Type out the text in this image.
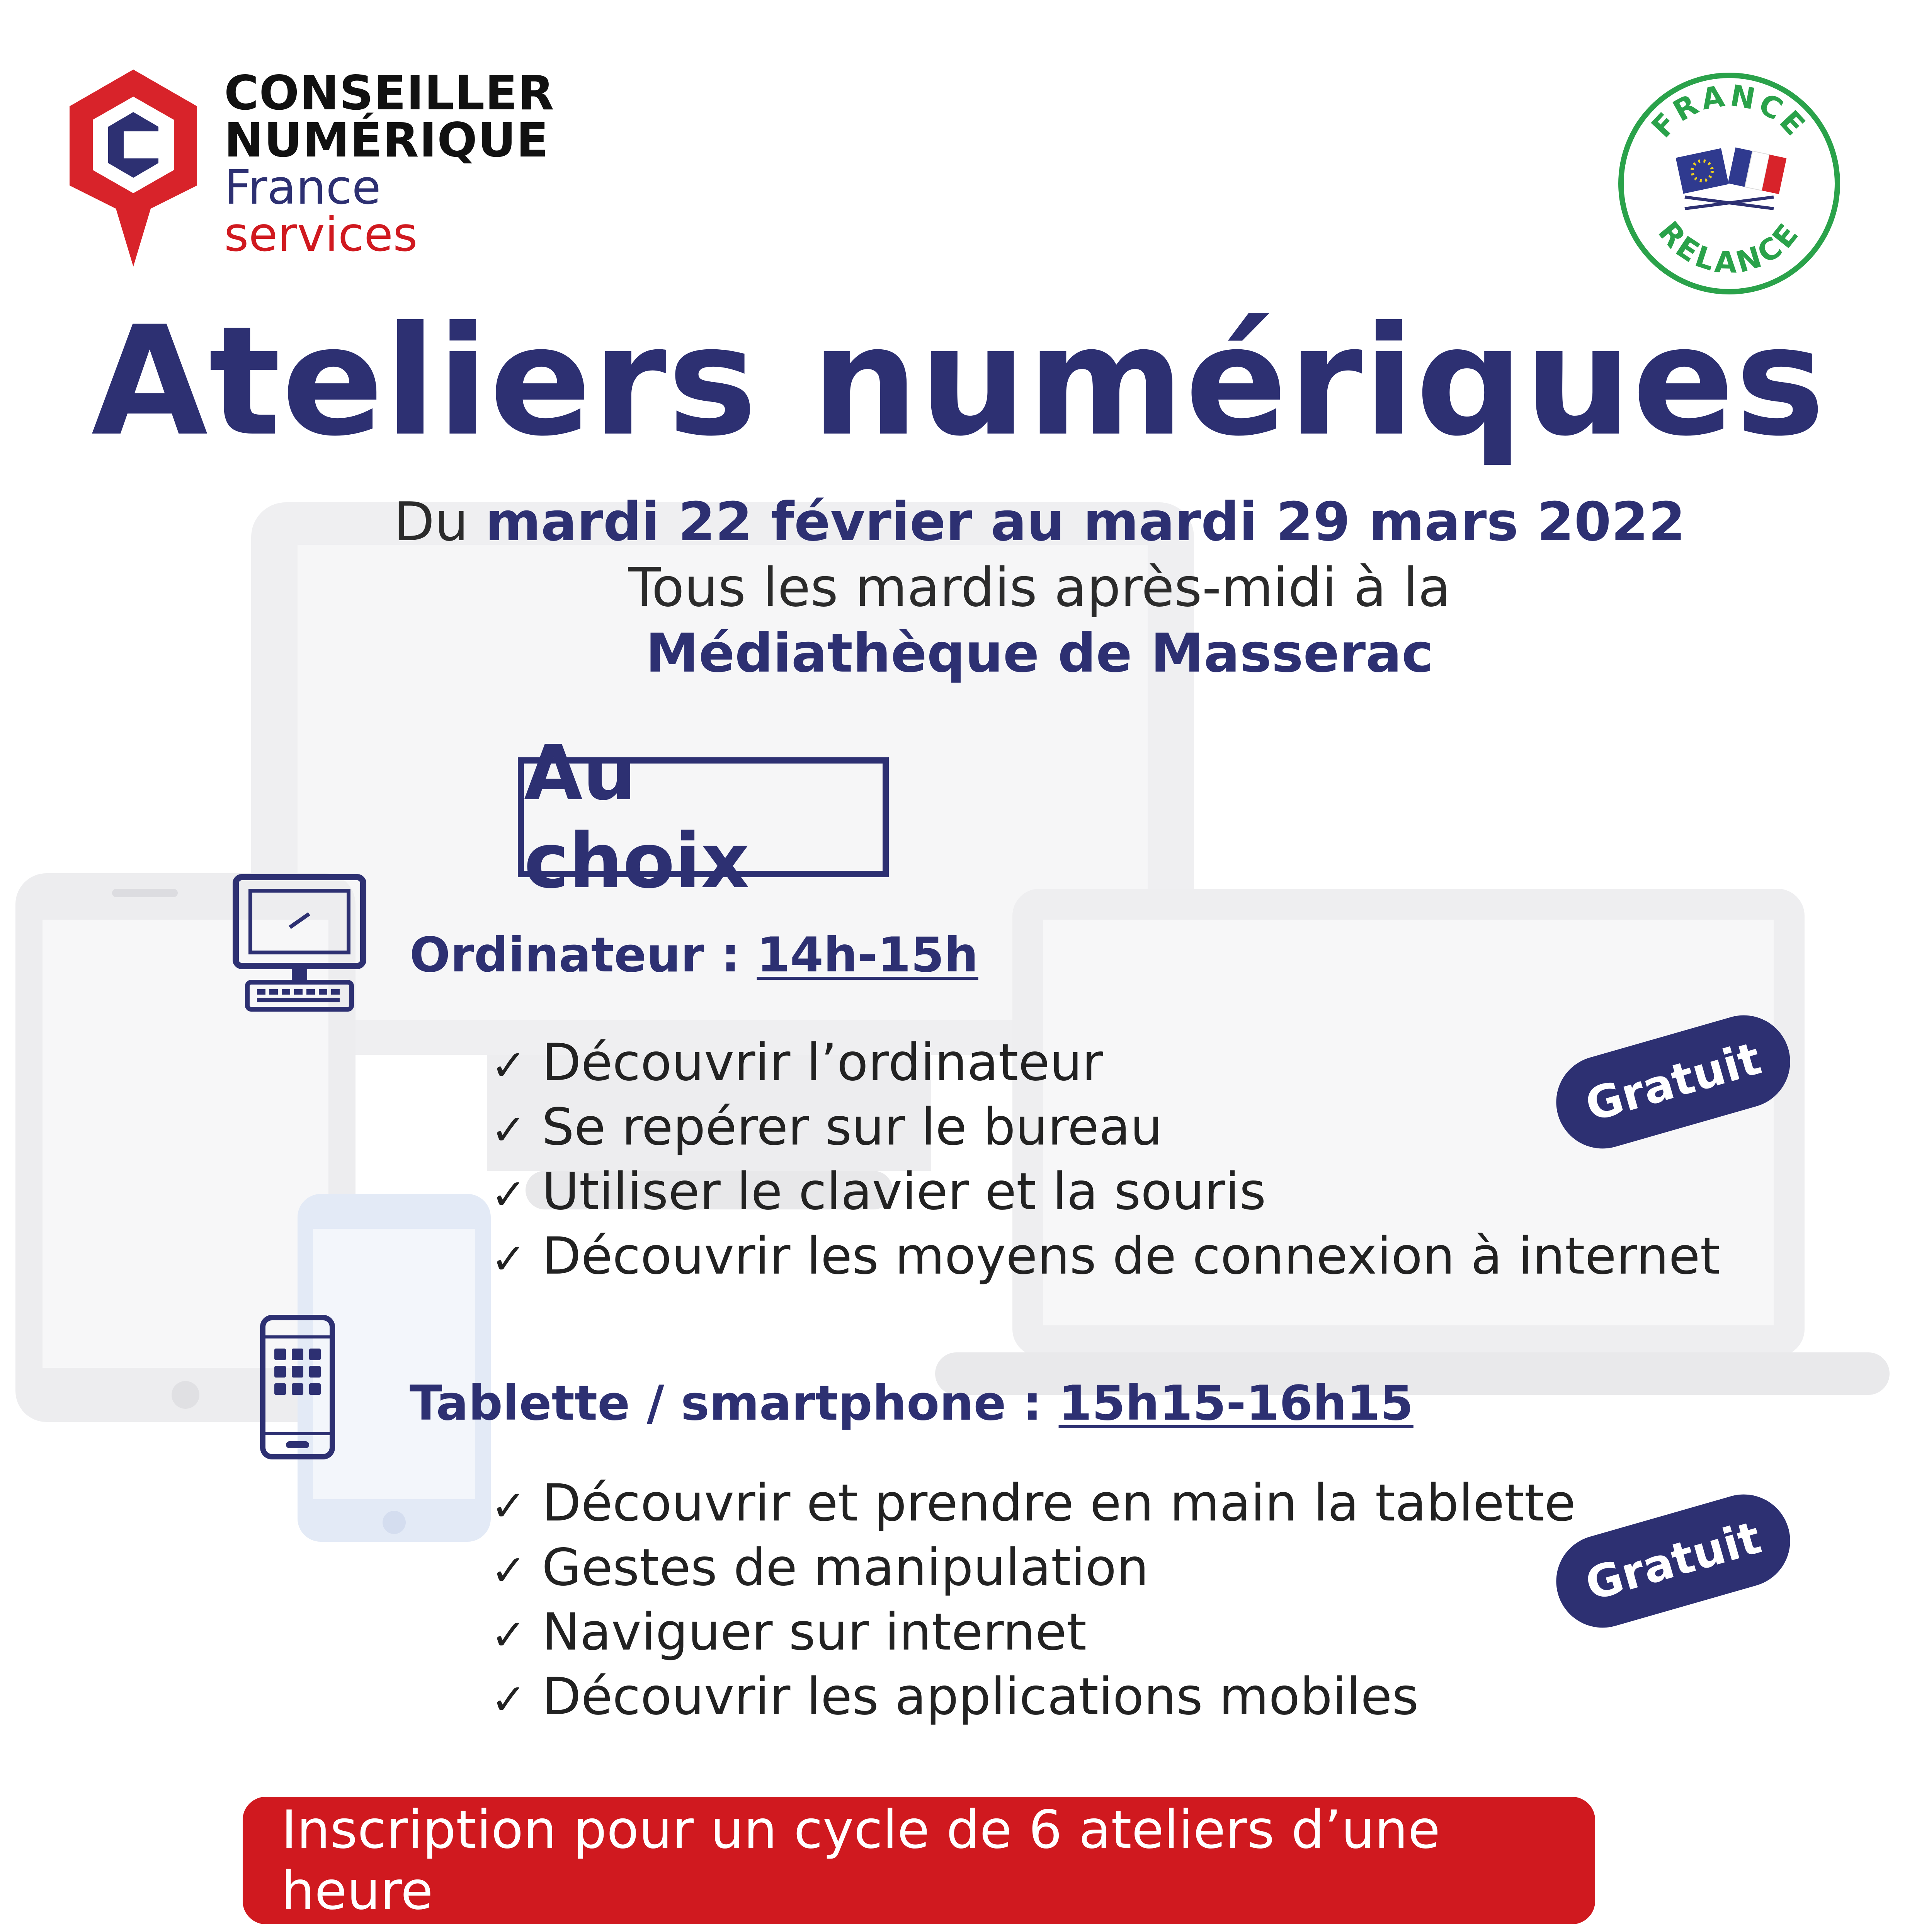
CONSEILLER
NUMÉRIQUE
France
services
FRANCE
RELANCE
Ateliers numériques
Du mardi 22 février au mardi 29 mars 2022
Tous les mardis après-midi à la
Médiathèque de Masserac
Au choix
Ordinateur : 14h-15h
✓ Découvrir l’ordinateur
✓ Se repérer sur le bureau
✓ Utiliser le clavier et la souris
✓ Découvrir les moyens de connexion à internet
Gratuit
Tablette / smartphone : 15h15-16h15
✓ Découvrir et prendre en main la tablette
✓ Gestes de manipulation
✓ Naviguer sur internet
✓ Découvrir les applications mobiles
Gratuit
Inscription pour un cycle de 6 ateliers d’une heure
